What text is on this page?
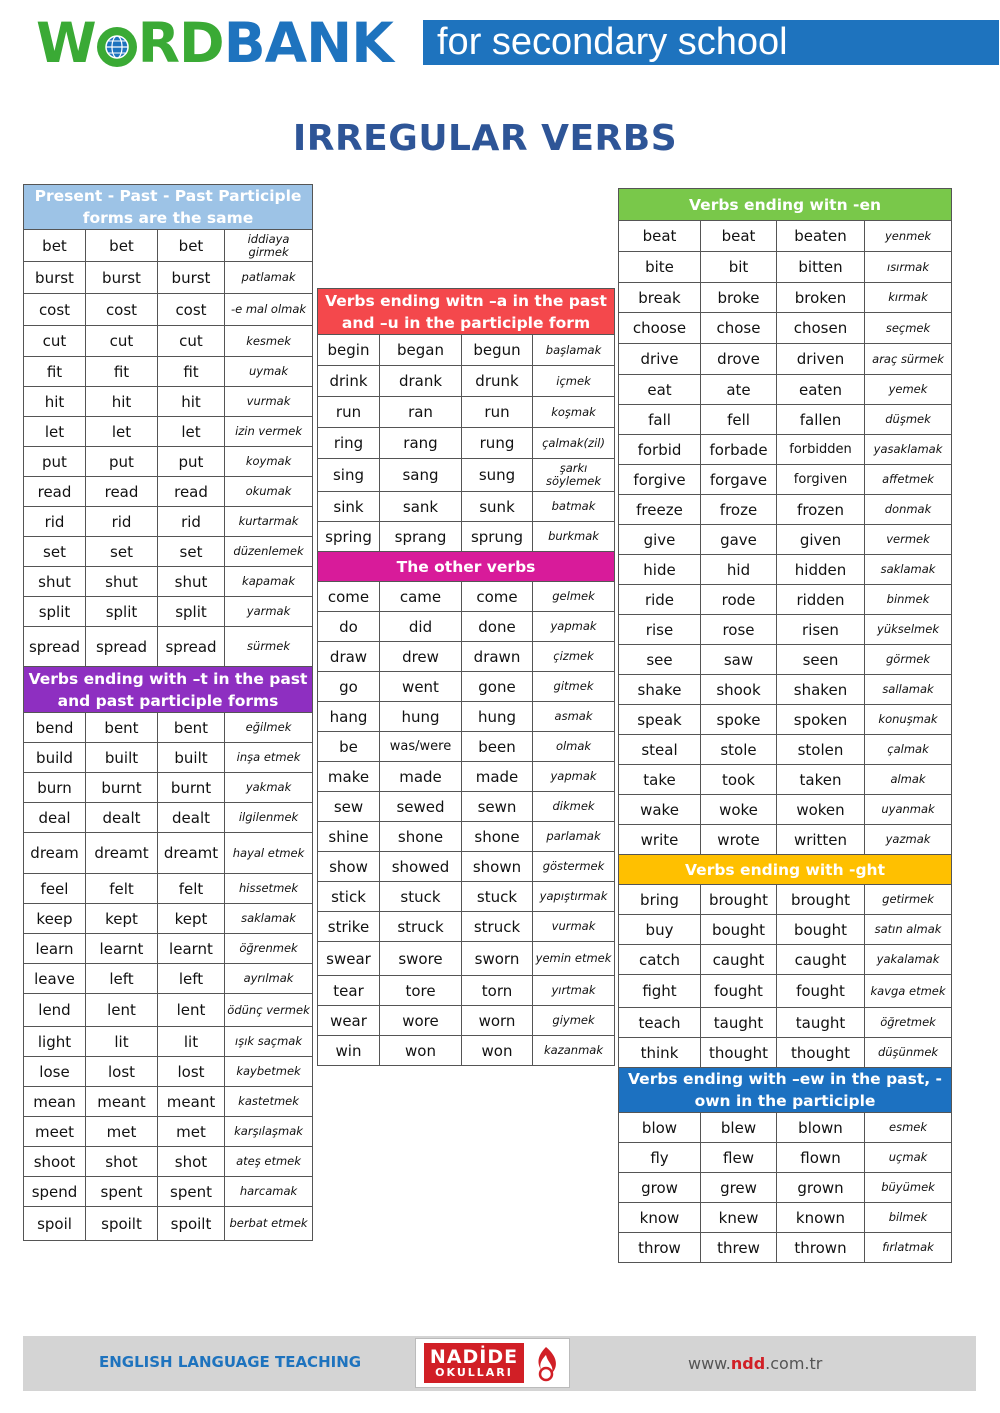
W RDBANK	for secondary school
IRREGULAR VERBS
Present - Past - Past Participle forms are the same			
bet	bet	bet	iddiaya girmek
burst	burst	burst	patlamak
cost	cost	cost	-e mal olmak
cut	cut	cut	kesmek
fit	fit	fit	uymak
hit	hit	hit	vurmak
let	let	let	izin vermek
put	put	put	koymak
read	read	read	okumak
rid	rid	rid	kurtarmak
set	set	set	düzenlemek
shut	shut	shut	kapamak
split	split	split	yarmak
spread	spread	spread	sürmek
Verbs ending with –t in the past and past participle forms			
bend	bent	bent	eğilmek
build	built	built	inşa etmek
burn	burnt	burnt	yakmak
deal	dealt	dealt	ilgilenmek
dream	dreamt	dreamt	hayal etmek
feel	felt	felt	hissetmek
keep	kept	kept	saklamak
learn	learnt	learnt	öğrenmek
leave	left	left	ayrılmak
lend	lent	lent	ödünç vermek
light	lit	lit	ışık saçmak
lose	lost	lost	kaybetmek
mean	meant	meant	kastetmek
meet	met	met	karşılaşmak
shoot	shot	shot	ateş etmek
spend	spent	spent	harcamak
spoil	spoilt	spoilt	berbat etmek
Verbs ending witn –a in the past and –u in the participle form			
begin	began	begun	başlamak
drink	drank	drunk	içmek
run	ran	run	koşmak
ring	rang	rung	çalmak(zil)
sing	sang	sung	şarkı söylemek
sink	sank	sunk	batmak
spring	sprang	sprung	burkmak
The other verbs			
come	came	come	gelmek
do	did	done	yapmak
draw	drew	drawn	çizmek
go	went	gone	gitmek
hang	hung	hung	asmak
be	was/were	been	olmak
make	made	made	yapmak
sew	sewed	sewn	dikmek
shine	shone	shone	parlamak
show	showed	shown	göstermek
stick	stuck	stuck	yapıştırmak
strike	struck	struck	vurmak
swear	swore	sworn	yemin etmek
tear	tore	torn	yırtmak
wear	wore	worn	giymek
win	won	won	kazanmak
Verbs ending witn -en			
beat	beat	beaten	yenmek
bite	bit	bitten	ısırmak
break	broke	broken	kırmak
choose	chose	chosen	seçmek
drive	drove	driven	araç sürmek
eat	ate	eaten	yemek
fall	fell	fallen	düşmek
forbid	forbade	forbidden	yasaklamak
forgive	forgave	forgiven	affetmek
freeze	froze	frozen	donmak
give	gave	given	vermek
hide	hid	hidden	saklamak
ride	rode	ridden	binmek
rise	rose	risen	yükselmek
see	saw	seen	görmek
shake	shook	shaken	sallamak
speak	spoke	spoken	konuşmak
steal	stole	stolen	çalmak
take	took	taken	almak
wake	woke	woken	uyanmak
write	wrote	written	yazmak
Verbs ending with -ght			
bring	brought	brought	getirmek
buy	bought	bought	satın almak
catch	caught	caught	yakalamak
fight	fought	fought	kavga etmek
teach	taught	taught	öğretmek
think	thought	thought	düşünmek
Verbs ending with –ew in the past, -own in the participle			
blow	blew	blown	esmek
fly	flew	flown	uçmak
grow	grew	grown	büyümek
know	knew	known	bilmek
throw	threw	thrown	fırlatmak
ENGLISH LANGUAGE TEACHING	NADİDE
OKULLARI	www.ndd.com.tr
